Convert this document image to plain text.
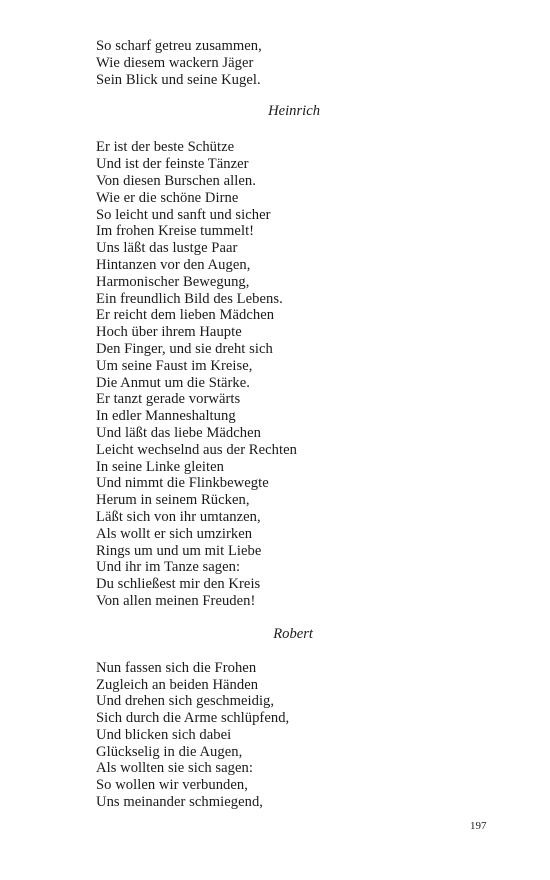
So scharf getreu zusammen,
Wie diesem wackern Jäger
Sein Blick und seine Kugel.
Heinrich
Er ist der beste Schütze
Und ist der feinste Tänzer
Von diesen Burschen allen.
Wie er die schöne Dirne
So leicht und sanft und sicher
Im frohen Kreise tummelt!
Uns läßt das lustge Paar
Hintanzen vor den Augen,
Harmonischer Bewegung,
Ein freundlich Bild des Lebens.
Er reicht dem lieben Mädchen
Hoch über ihrem Haupte
Den Finger, und sie dreht sich
Um seine Faust im Kreise,
Die Anmut um die Stärke.
Er tanzt gerade vorwärts
In edler Manneshaltung
Und läßt das liebe Mädchen
Leicht wechselnd aus der Rechten
In seine Linke gleiten
Und nimmt die Flinkbewegte
Herum in seinem Rücken,
Läßt sich von ihr umtanzen,
Als wollt er sich umzirken
Rings um und um mit Liebe
Und ihr im Tanze sagen:
Du schließest mir den Kreis
Von allen meinen Freuden!
Robert
Nun fassen sich die Frohen
Zugleich an beiden Händen
Und drehen sich geschmeidig,
Sich durch die Arme schlüpfend,
Und blicken sich dabei
Glückselig in die Augen,
Als wollten sie sich sagen:
So wollen wir verbunden,
Uns meinander schmiegend,
197
